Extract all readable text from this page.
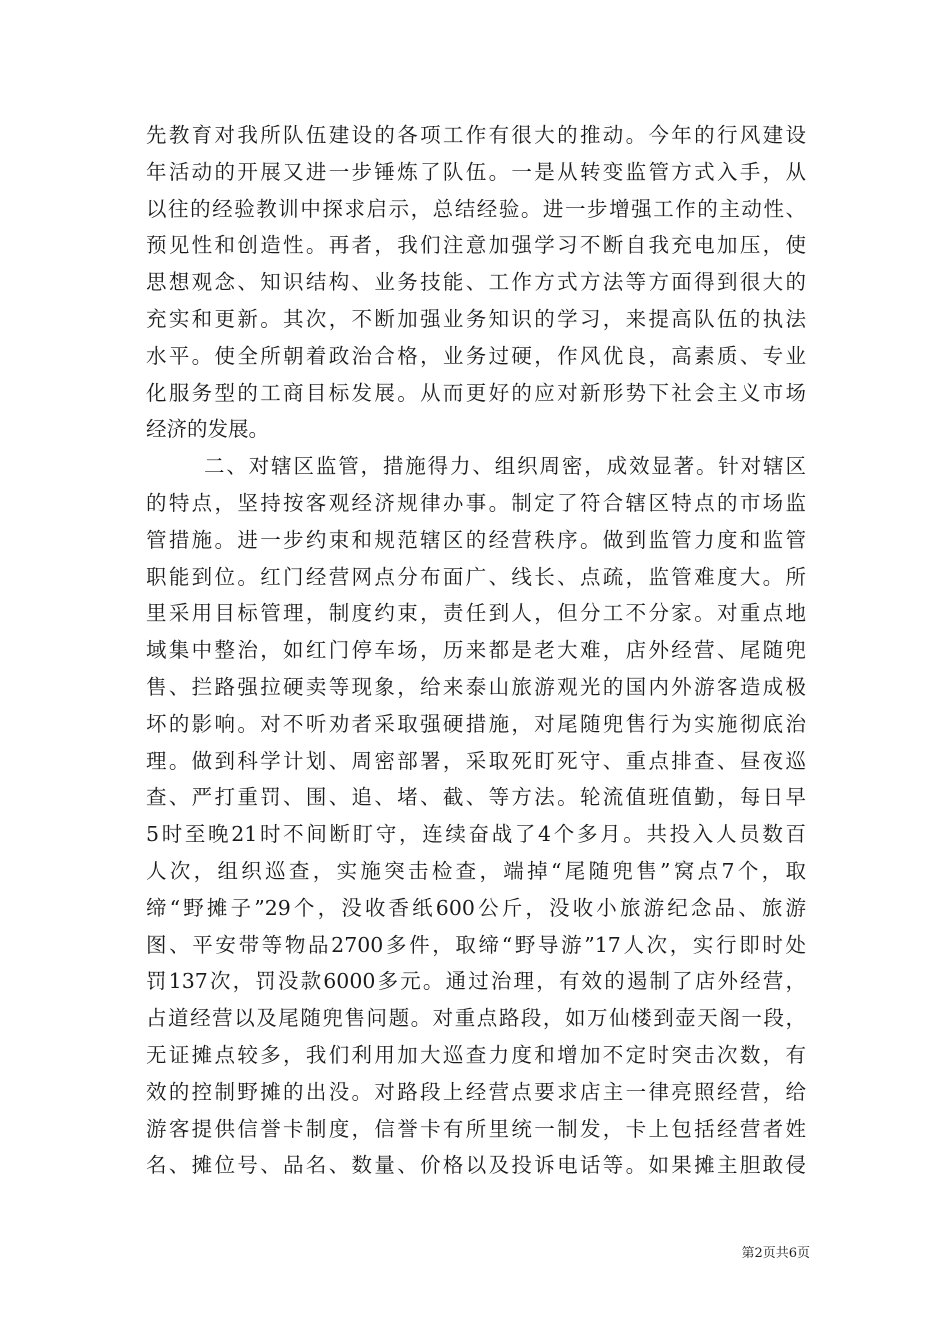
先教育对我所队伍建设的各项工作有很大的推动。今年的行风建设
年活动的开展又进一步锤炼了队伍。一是从转变监管方式入手，从
以往的经验教训中探求启示，总结经验。进一步增强工作的主动性、
预见性和创造性。再者，我们注意加强学习不断自我充电加压，使
思想观念、知识结构、业务技能、工作方式方法等方面得到很大的
充实和更新。其次，不断加强业务知识的学习，来提高队伍的执法
水平。使全所朝着政治合格，业务过硬，作风优良，高素质、专业
化服务型的工商目标发展。从而更好的应对新形势下社会主义市场
经济的发展。
二、对辖区监管，措施得力、组织周密，成效显著。针对辖区
的特点，坚持按客观经济规律办事。制定了符合辖区特点的市场监
管措施。进一步约束和规范辖区的经营秩序。做到监管力度和监管
职能到位。红门经营网点分布面广、线长、点疏，监管难度大。所
里采用目标管理，制度约束，责任到人，但分工不分家。对重点地
域集中整治，如红门停车场，历来都是老大难，店外经营、尾随兜
售、拦路强拉硬卖等现象，给来泰山旅游观光的国内外游客造成极
坏的影响。对不听劝者采取强硬措施，对尾随兜售行为实施彻底治
理。做到科学计划、周密部署，采取死盯死守、重点排查、昼夜巡
查、严打重罚、围、追、堵、截、等方法。轮流值班值勤，每日早
5时至晚21时不间断盯守，连续奋战了4个多月。共投入人员数百
人次，组织巡查，实施突击检查，端掉“尾随兜售”窝点7个，取
缔“野摊子”29个，没收香纸600公斤，没收小旅游纪念品、旅游
图、平安带等物品2700多件，取缔“野导游”17人次，实行即时处
罚137次，罚没款6000多元。通过治理，有效的遏制了店外经营，
占道经营以及尾随兜售问题。对重点路段，如万仙楼到壶天阁一段，
无证摊点较多，我们利用加大巡查力度和增加不定时突击次数，有
效的控制野摊的出没。对路段上经营点要求店主一律亮照经营，给
游客提供信誉卡制度，信誉卡有所里统一制发，卡上包括经营者姓
名、摊位号、品名、数量、价格以及投诉电话等。如果摊主胆敢侵
第2页共6页
